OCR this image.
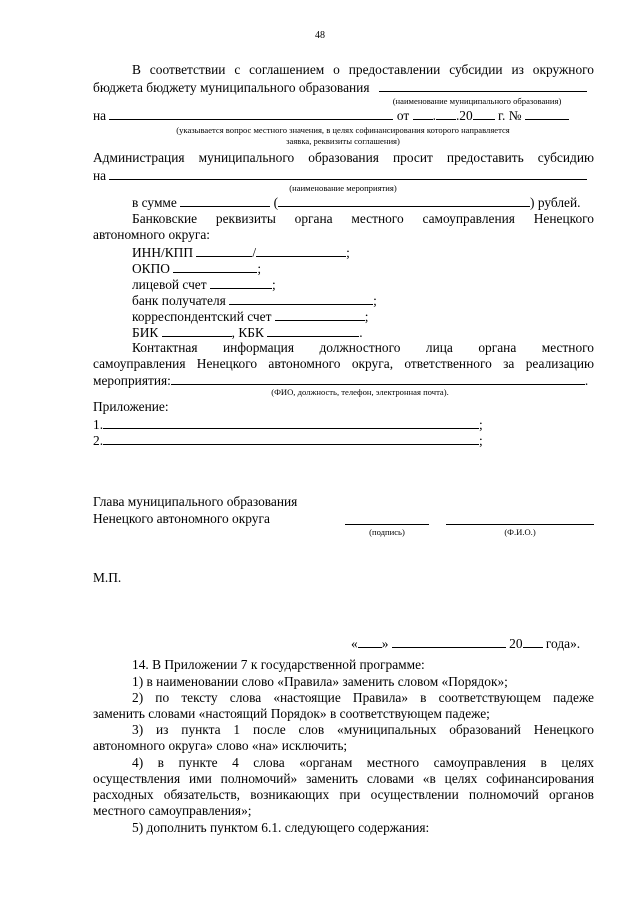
48
В соответствии с соглашением о предоставлении субсидии из окружного
бюджета бюджету муниципального образования
(наименование муниципального образования)
на	от . .20 г. №
(указывается вопрос местного значения, в целях софинансирования которого направляется
заявка, реквизиты соглашения)
Администрация муниципального образования просит предоставить субсидию
на
(наименование мероприятия)
в сумме	(	) рублей.
Банковские реквизиты органа местного самоуправления Ненецкого
автономного округа:
ИНН/КПП	/	;
ОКПО	;
лицевой счет	;
банк получателя	;
корреспондентский счет	;
БИК	, КБК	.
Контактная информация должностного лица органа местного
самоуправления Ненецкого автономного округа, ответственного за реализацию
мероприятия:	.
(ФИО, должность, телефон, электронная почта).
Приложение:
1.	;
2.	;
Глава муниципального образования
Ненецкого автономного округа
(подпись)	(Ф.И.О.)
М.П.
« »	20 года».
14. В Приложении 7 к государственной программе:
1) в наименовании слово «Правила» заменить словом «Порядок»;
2) по тексту слова «настоящие Правила» в соответствующем падеже
заменить словами «настоящий Порядок» в соответствующем падеже;
3) из пункта 1 после слов «муниципальных образований Ненецкого
автономного округа» слово «на» исключить;
4) в пункте 4 слова «органам местного самоуправления в целях
осуществления ими полномочий» заменить словами «в целях софинансирования
расходных обязательств, возникающих при осуществлении полномочий органов
местного самоуправления»;
5) дополнить пунктом 6.1. следующего содержания:
